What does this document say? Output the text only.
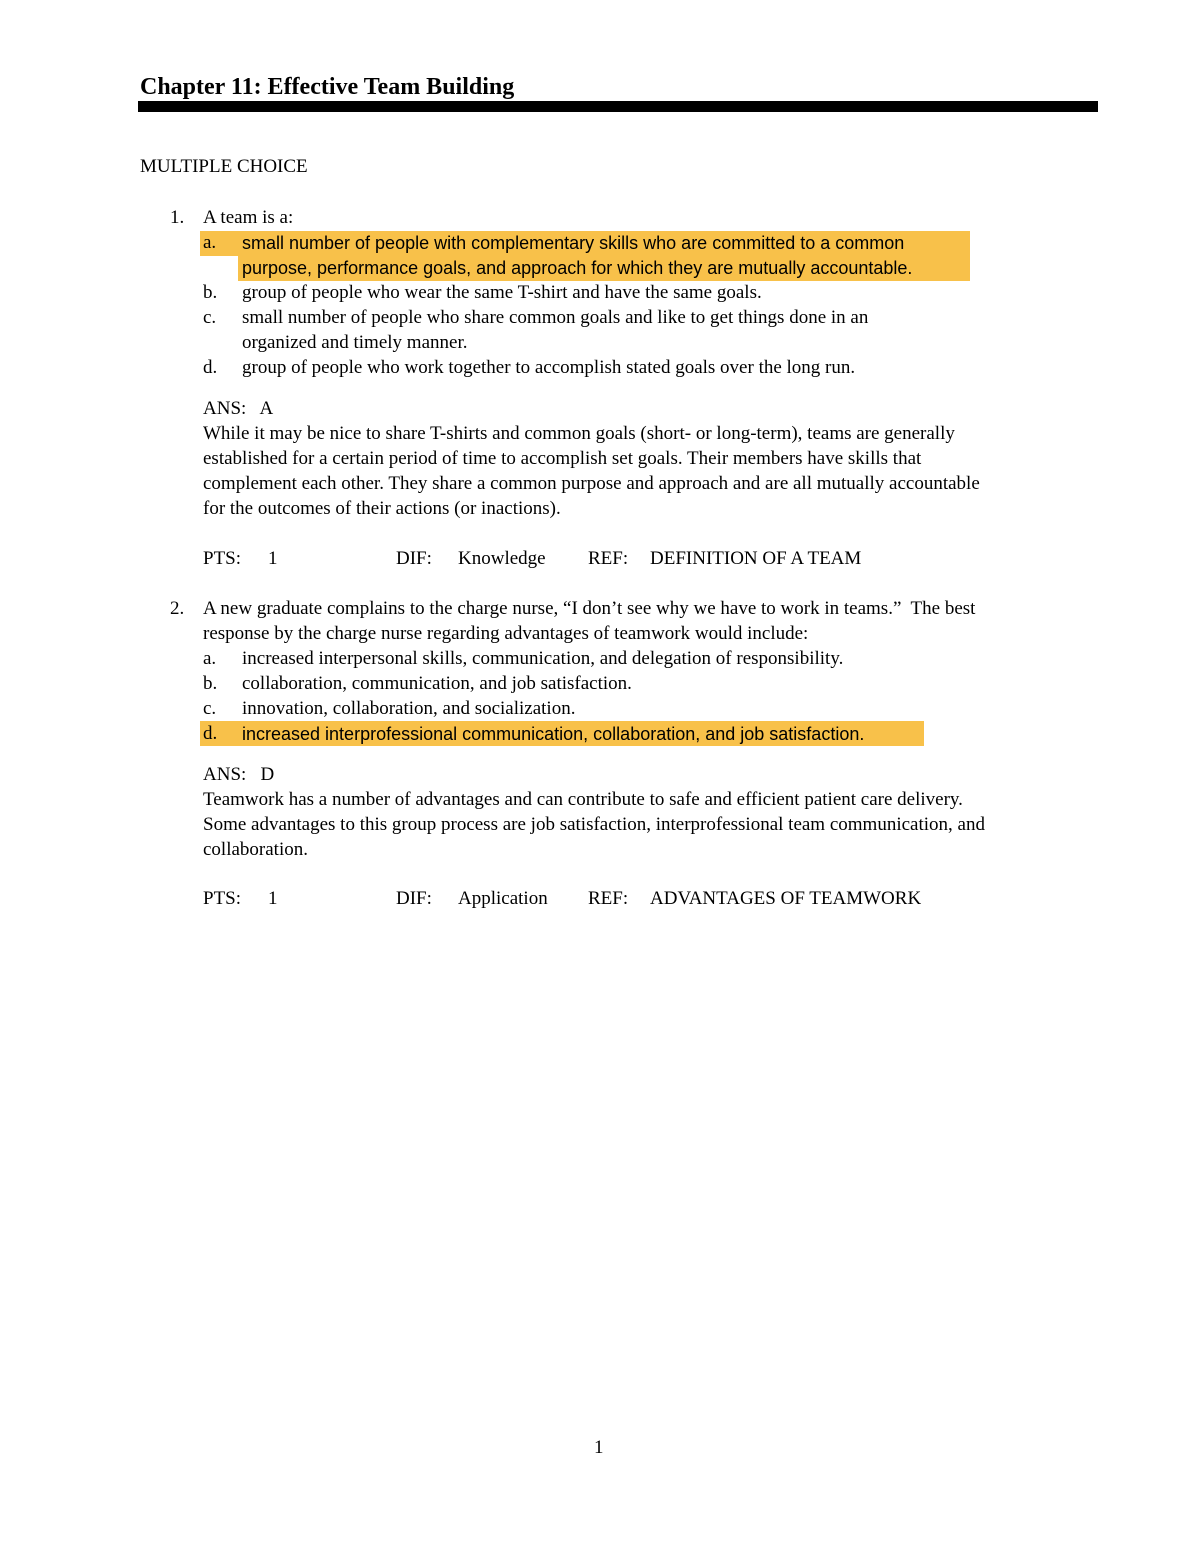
Chapter 11: Effective Team Building
MULTIPLE CHOICE
1. A team is a:
a. small number of people with complementary skills who are committed to a common
purpose, performance goals, and approach for which they are mutually accountable.
b. group of people who wear the same T-shirt and have the same goals.
c. small number of people who share common goals and like to get things done in an
organized and timely manner.
d. group of people who work together to accomplish stated goals over the long run.
ANS:   A
While it may be nice to share T-shirts and common goals (short- or long-term), teams are generally
established for a certain period of time to accomplish set goals. Their members have skills that
complement each other. They share a common purpose and approach and are all mutually accountable
for the outcomes of their actions (or inactions).
PTS: 1	DIF: Knowledge REF: DEFINITION OF A TEAM
2. A new graduate complains to the charge nurse, “I don’t see why we have to work in teams.”  The best
response by the charge nurse regarding advantages of teamwork would include:
a. increased interpersonal skills, communication, and delegation of responsibility.
b. collaboration, communication, and job satisfaction.
c. innovation, collaboration, and socialization.
d. increased interprofessional communication, collaboration, and job satisfaction.
ANS:   D
Teamwork has a number of advantages and can contribute to safe and efficient patient care delivery.
Some advantages to this group process are job satisfaction, interprofessional team communication, and
collaboration.
PTS: 1	DIF: Application REF: ADVANTAGES OF TEAMWORK
1
